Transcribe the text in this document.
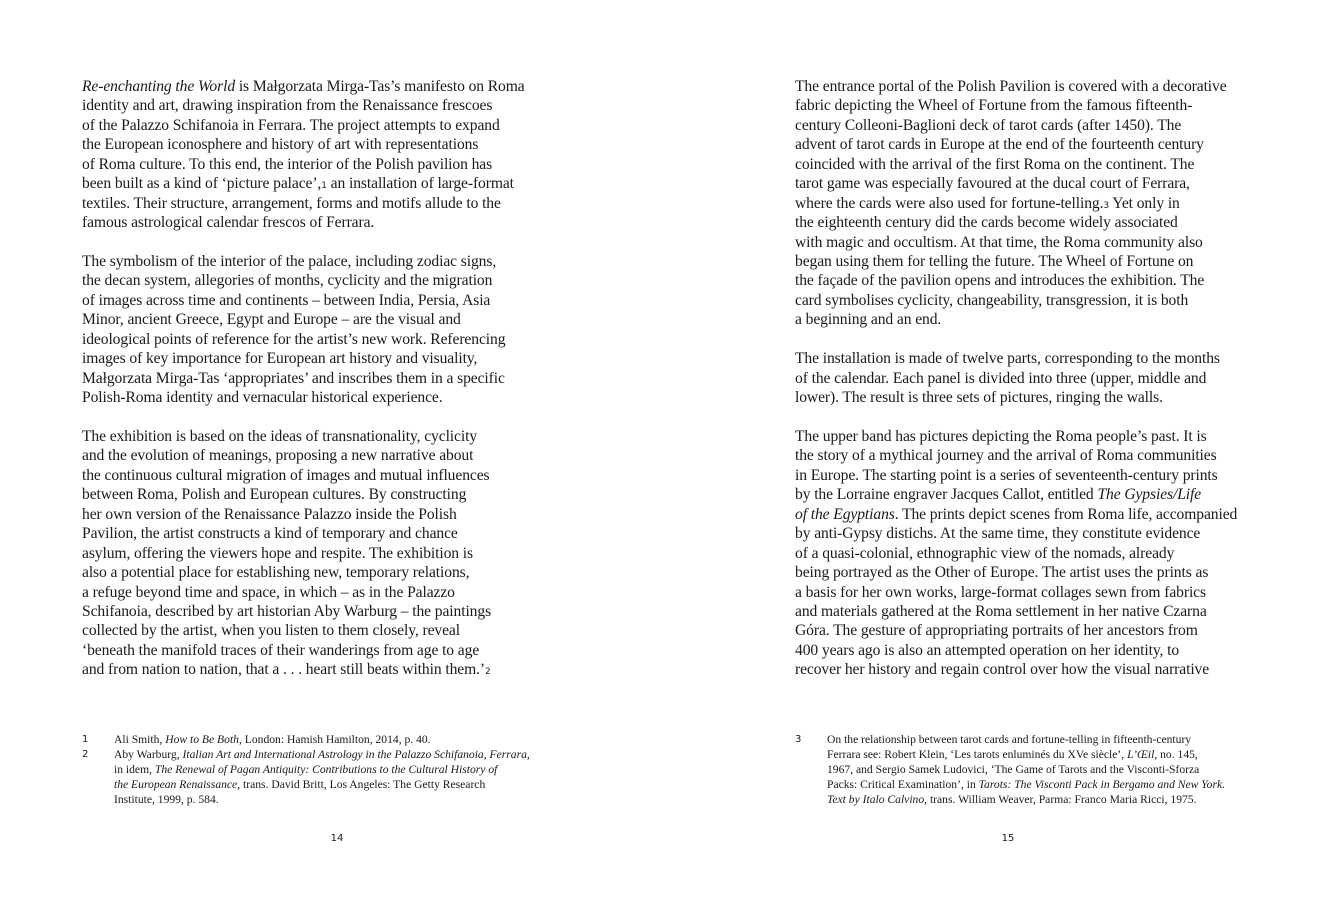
Re-enchanting the World is Małgorzata Mirga-Tas’s manifesto on Roma
identity and art, drawing inspiration from the Renaissance frescoes
of the Palazzo Schifanoia in Ferrara. The project attempts to expand
the European iconosphere and history of art with representations
of Roma culture. To this end, the interior of the Polish pavilion has
been built as a kind of ‘picture palace’,1 an installation of large-format
textiles. Their structure, arrangement, forms and motifs allude to the
famous astrological calendar frescos of Ferrara.
The symbolism of the interior of the palace, including zodiac signs,
the decan system, allegories of months, cyclicity and the migration
of images across time and continents – between India, Persia, Asia
Minor, ancient Greece, Egypt and Europe – are the visual and
ideological points of reference for the artist’s new work. Referencing
images of key importance for European art history and visuality,
Małgorzata Mirga-Tas ‘appropriates’ and inscribes them in a specific
Polish-Roma identity and vernacular historical experience.
The exhibition is based on the ideas of transnationality, cyclicity
and the evolution of meanings, proposing a new narrative about
the continuous cultural migration of images and mutual influences
between Roma, Polish and European cultures. By constructing
her own version of the Renaissance Palazzo inside the Polish
Pavilion, the artist constructs a kind of temporary and chance
asylum, offering the viewers hope and respite. The exhibition is
also a potential place for establishing new, temporary relations,
a refuge beyond time and space, in which – as in the Palazzo
Schifanoia, described by art historian Aby Warburg – the paintings
collected by the artist, when you listen to them closely, reveal
‘beneath the manifold traces of their wanderings from age to age
and from nation to nation, that a . . . heart still beats within them.’2
The entrance portal of the Polish Pavilion is covered with a decorative
fabric depicting the Wheel of Fortune from the famous fifteenth-
century Colleoni-Baglioni deck of tarot cards (after 1450). The
advent of tarot cards in Europe at the end of the fourteenth century
coincided with the arrival of the first Roma on the continent. The
tarot game was especially favoured at the ducal court of Ferrara,
where the cards were also used for fortune-telling.3 Yet only in
the eighteenth century did the cards become widely associated
with magic and occultism. At that time, the Roma community also
began using them for telling the future. The Wheel of Fortune on
the façade of the pavilion opens and introduces the exhibition. The
card symbolises cyclicity, changeability, transgression, it is both
a beginning and an end.
The installation is made of twelve parts, corresponding to the months
of the calendar. Each panel is divided into three (upper, middle and
lower). The result is three sets of pictures, ringing the walls.
The upper band has pictures depicting the Roma people’s past. It is
the story of a mythical journey and the arrival of Roma communities
in Europe. The starting point is a series of seventeenth-century prints
by the Lorraine engraver Jacques Callot, entitled The Gypsies/Life
of the Egyptians. The prints depict scenes from Roma life, accompanied
by anti-Gypsy distichs. At the same time, they constitute evidence
of a quasi-colonial, ethnographic view of the nomads, already
being portrayed as the Other of Europe. The artist uses the prints as
a basis for her own works, large-format collages sewn from fabrics
and materials gathered at the Roma settlement in her native Czarna
Góra. The gesture of appropriating portraits of her ancestors from
400 years ago is also an attempted operation on her identity, to
recover her history and regain control over how the visual narrative
1	Ali Smith, How to Be Both, London: Hamish Hamilton, 2014, p. 40.
2	Aby Warburg, Italian Art and International Astrology in the Palazzo Schifanoia, Ferrara,
in idem, The Renewal of Pagan Antiquity: Contributions to the Cultural History of
the European Renaissance, trans. David Britt, Los Angeles: The Getty Research
Institute, 1999, p. 584.
3	On the relationship between tarot cards and fortune-telling in fifteenth-century
Ferrara see: Robert Klein, ‘Les tarots enluminés du XVe siècle’, L’Œil, no. 145,
1967, and Sergio Samek Ludovici, ‘The Game of Tarots and the Visconti-Sforza
Packs: Critical Examination’, in Tarots: The Visconti Pack in Bergamo and New York.
Text by Italo Calvino, trans. William Weaver, Parma: Franco Maria Ricci, 1975.
14	15
